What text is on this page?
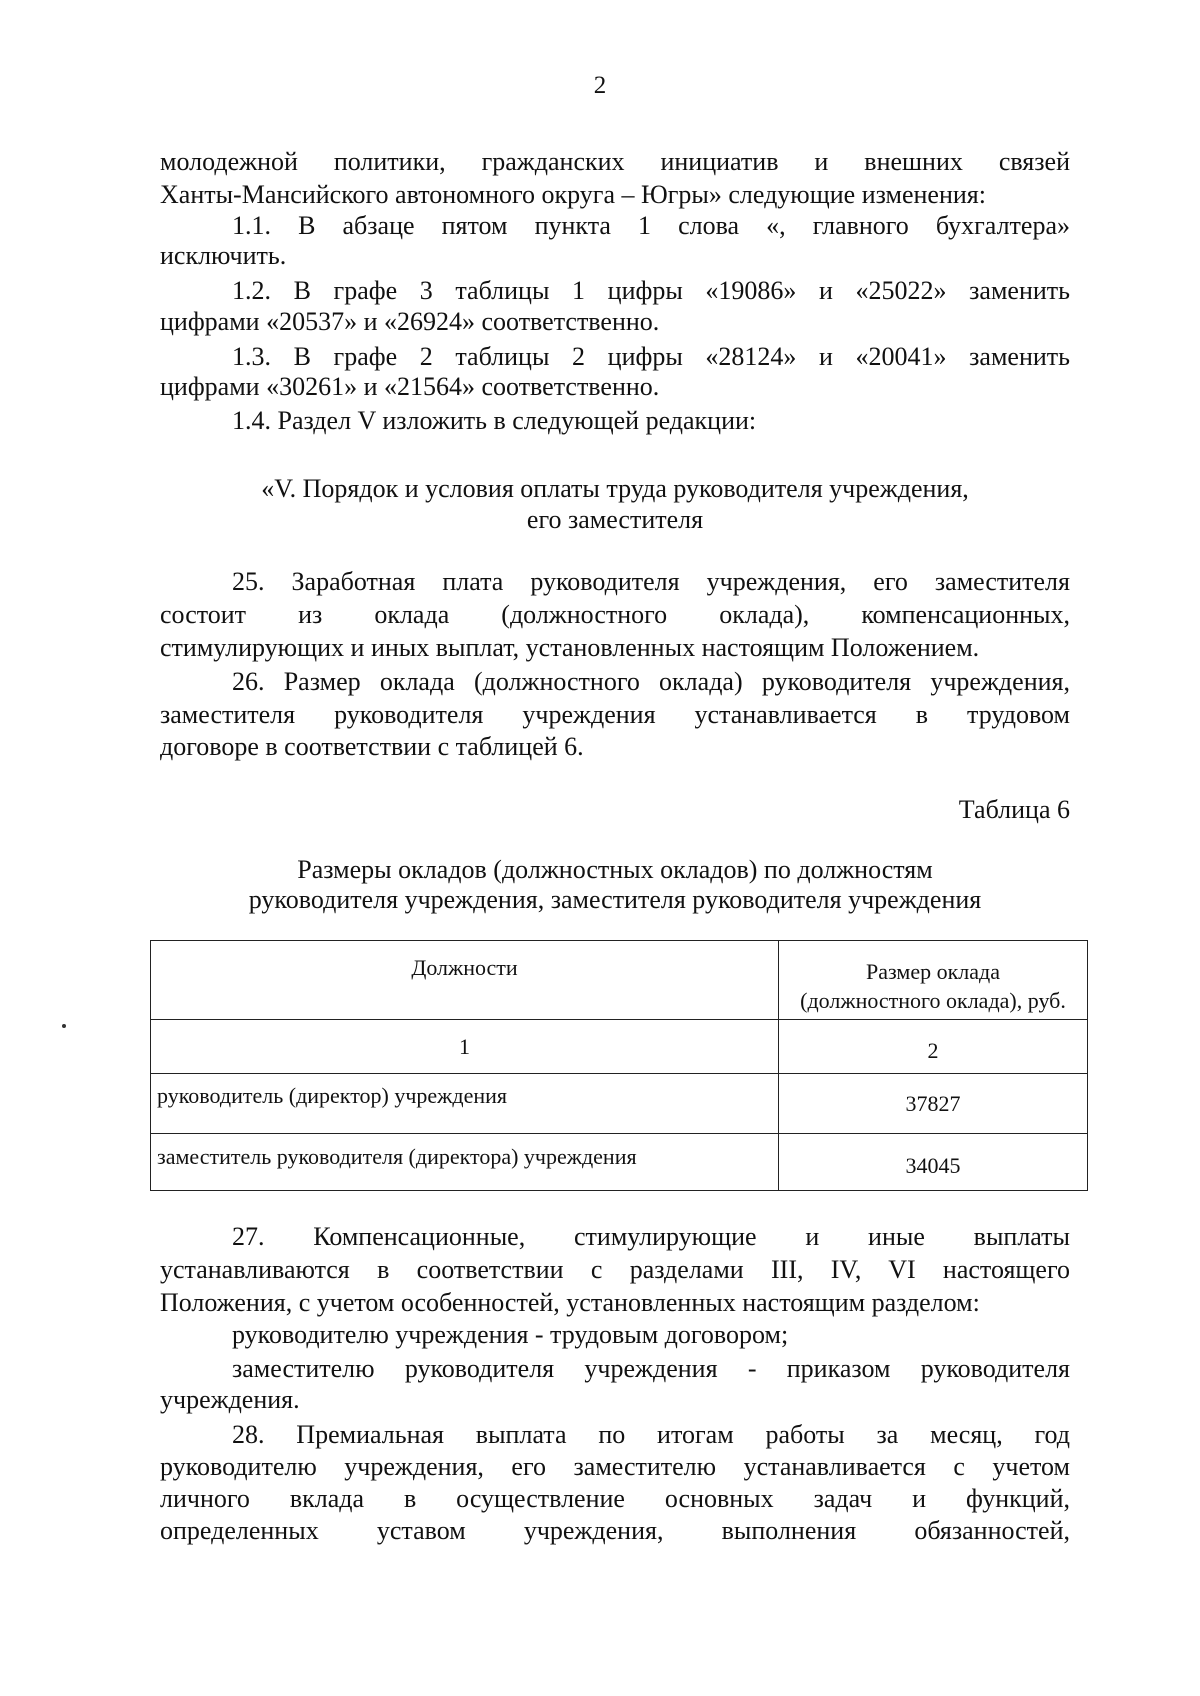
2
молодежной политики, гражданских инициатив и внешних связей
Ханты-Мансийского автономного округа – Югры» следующие изменения:
1.1. В абзаце пятом пункта 1 слова «, главного бухгалтера»
исключить.
1.2. В графе 3 таблицы 1 цифры «19086» и «25022» заменить
цифрами «20537» и «26924» соответственно.
1.3. В графе 2 таблицы 2 цифры «28124» и «20041» заменить
цифрами «30261» и «21564» соответственно.
1.4. Раздел V изложить в следующей редакции:
«V. Порядок и условия оплаты труда руководителя учреждения,
его заместителя
25. Заработная плата руководителя учреждения, его заместителя
состоит из оклада (должностного оклада), компенсационных,
стимулирующих и иных выплат, установленных настоящим Положением.
26. Размер оклада (должностного оклада) руководителя учреждения,
заместителя руководителя учреждения устанавливается в трудовом
договоре в соответствии с таблицей 6.
Таблица 6
Размеры окладов (должностных окладов) по должностям
руководителя учреждения, заместителя руководителя учреждения
Должности	Размер оклада
(должностного оклада), руб.
1	2
руководитель (директор) учреждения	37827
заместитель руководителя (директора) учреждения	34045
27. Компенсационные, стимулирующие и иные выплаты
устанавливаются в соответствии с разделами III, IV, VI настоящего
Положения, с учетом особенностей, установленных настоящим разделом:
руководителю учреждения - трудовым договором;
заместителю руководителя учреждения - приказом руководителя
учреждения.
28. Премиальная выплата по итогам работы за месяц, год
руководителю учреждения, его заместителю устанавливается с учетом
личного вклада в осуществление основных задач и функций,
определенных уставом учреждения, выполнения обязанностей,
